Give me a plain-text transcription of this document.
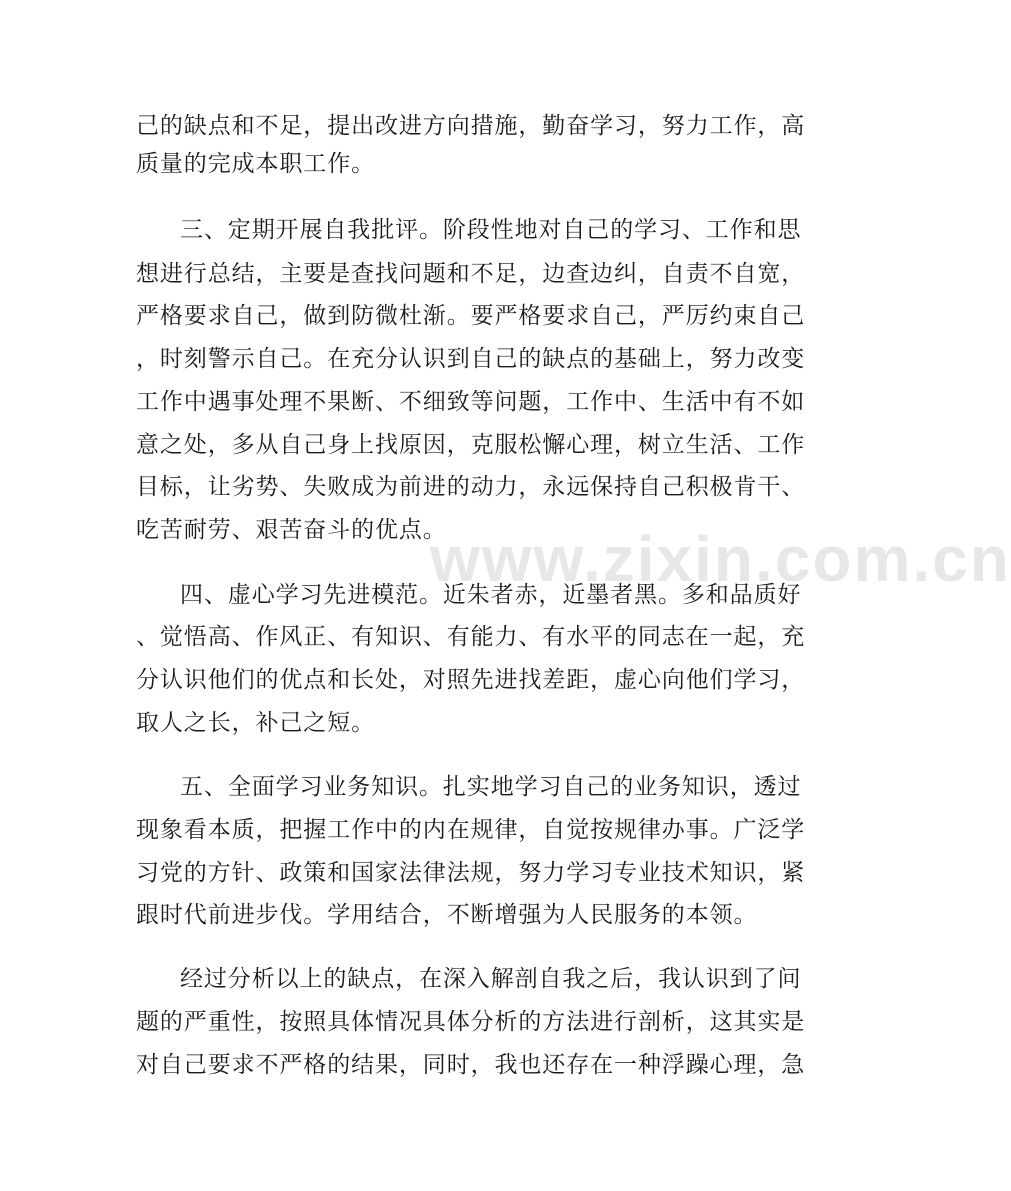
www.zixin.com.cn
己的缺点和不足，提出改进方向措施，勤奋学习，努力工作，高
质量的完成本职工作。
三、定期开展自我批评。阶段性地对自己的学习、工作和思
想进行总结，主要是查找问题和不足，边查边纠，自责不自宽，
严格要求自己，做到防微杜渐。要严格要求自己，严厉约束自己
，时刻警示自己。在充分认识到自己的缺点的基础上，努力改变
工作中遇事处理不果断、不细致等问题，工作中、生活中有不如
意之处，多从自己身上找原因，克服松懈心理，树立生活、工作
目标，让劣势、失败成为前进的动力，永远保持自己积极肯干、
吃苦耐劳、艰苦奋斗的优点。
四、虚心学习先进模范。近朱者赤，近墨者黑。多和品质好
、觉悟高、作风正、有知识、有能力、有水平的同志在一起，充
分认识他们的优点和长处，对照先进找差距，虚心向他们学习，
取人之长，补己之短。
五、全面学习业务知识。扎实地学习自己的业务知识，透过
现象看本质，把握工作中的内在规律，自觉按规律办事。广泛学
习党的方针、政策和国家法律法规，努力学习专业技术知识，紧
跟时代前进步伐。学用结合，不断增强为人民服务的本领。
经过分析以上的缺点，在深入解剖自我之后，我认识到了问
题的严重性，按照具体情况具体分析的方法进行剖析，这其实是
对自己要求不严格的结果，同时，我也还存在一种浮躁心理，急
